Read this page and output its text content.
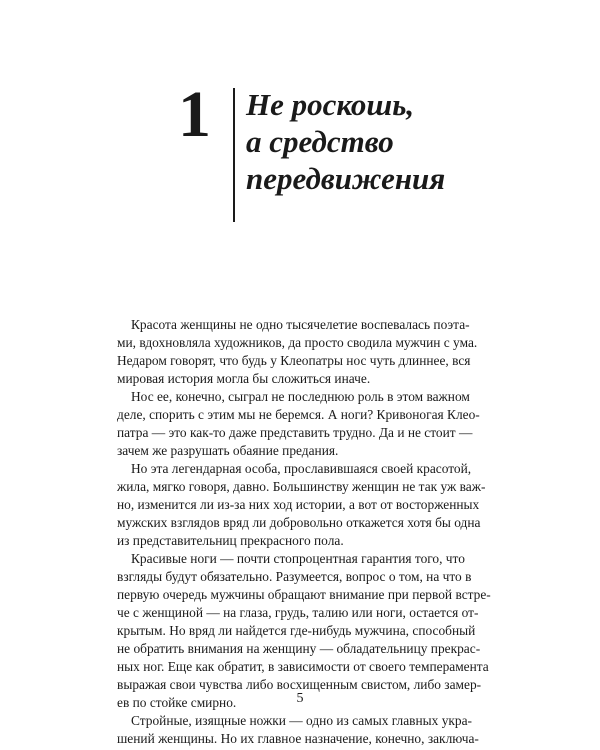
1 Не роскошь,
а средство
передвижения
Красота женщины не одно тысячелетие воспевалась поэта-
ми, вдохновляла художников, да просто сводила мужчин с ума.
Недаром говорят, что будь у Клеопатры нос чуть длиннее, вся
мировая история могла бы сложиться иначе.
Нос ее, конечно, сыграл не последнюю роль в этом важном
деле, спорить с этим мы не беремся. А ноги? Кривоногая Клео-
патра — это как-то даже представить трудно. Да и не стоит —
зачем же разрушать обаяние предания.
Но эта легендарная особа, прославившаяся своей красотой,
жила, мягко говоря, давно. Большинству женщин не так уж важ-
но, изменится ли из-за них ход истории, а вот от восторженных
мужских взглядов вряд ли добровольно откажется хотя бы одна
из представительниц прекрасного пола.
Красивые ноги — почти стопроцентная гарантия того, что
взгляды будут обязательно. Разумеется, вопрос о том, на что в
первую очередь мужчины обращают внимание при первой встре-
че с женщиной — на глаза, грудь, талию или ноги, остается от-
крытым. Но вряд ли найдется где-нибудь мужчина, способный
не обратить внимания на женщину — обладательницу прекрас-
ных ног. Еще как обратит, в зависимости от своего темперамента
выражая свои чувства либо восхищенным свистом, либо замер-
ев по стойке смирно.
Стройные, изящные ножки — одно из самых главных укра-
шений женщины. Но их главное назначение, конечно, заключа-
5
